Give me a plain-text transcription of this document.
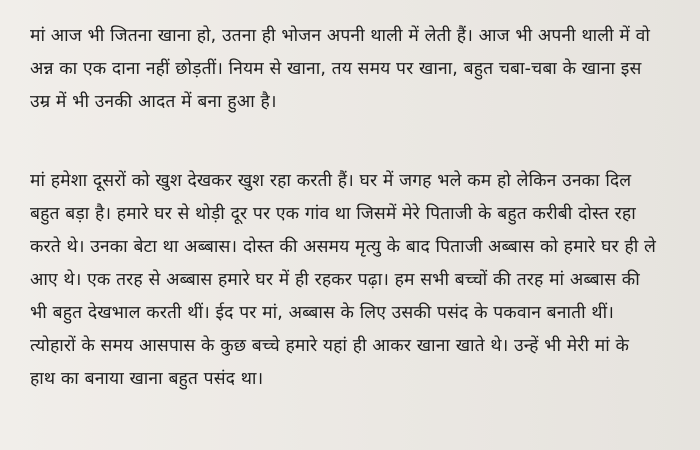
मां आज भी जितना खाना हो, उतना ही भोजन अपनी थाली में लेती हैं। आज भी अपनी थाली में वो
अन्न का एक दाना नहीं छोड़तीं। नियम से खाना, तय समय पर खाना, बहुत चबा-चबा के खाना इस
उम्र में भी उनकी आदत में बना हुआ है।
मां हमेशा दूसरों को खुश देखकर खुश रहा करती हैं। घर में जगह भले कम हो लेकिन उनका दिल
बहुत बड़ा है। हमारे घर से थोड़ी दूर पर एक गांव था जिसमें मेरे पिताजी के बहुत करीबी दोस्त रहा
करते थे। उनका बेटा था अब्बास। दोस्त की असमय मृत्यु के बाद पिताजी अब्बास को हमारे घर ही ले
आए थे। एक तरह से अब्बास हमारे घर में ही रहकर पढ़ा। हम सभी बच्चों की तरह मां अब्बास की
भी बहुत देखभाल करती थीं। ईद पर मां, अब्बास के लिए उसकी पसंद के पकवान बनाती थीं।
त्योहारों के समय आसपास के कुछ बच्चे हमारे यहां ही आकर खाना खाते थे। उन्हें भी मेरी मां के
हाथ का बनाया खाना बहुत पसंद था।
